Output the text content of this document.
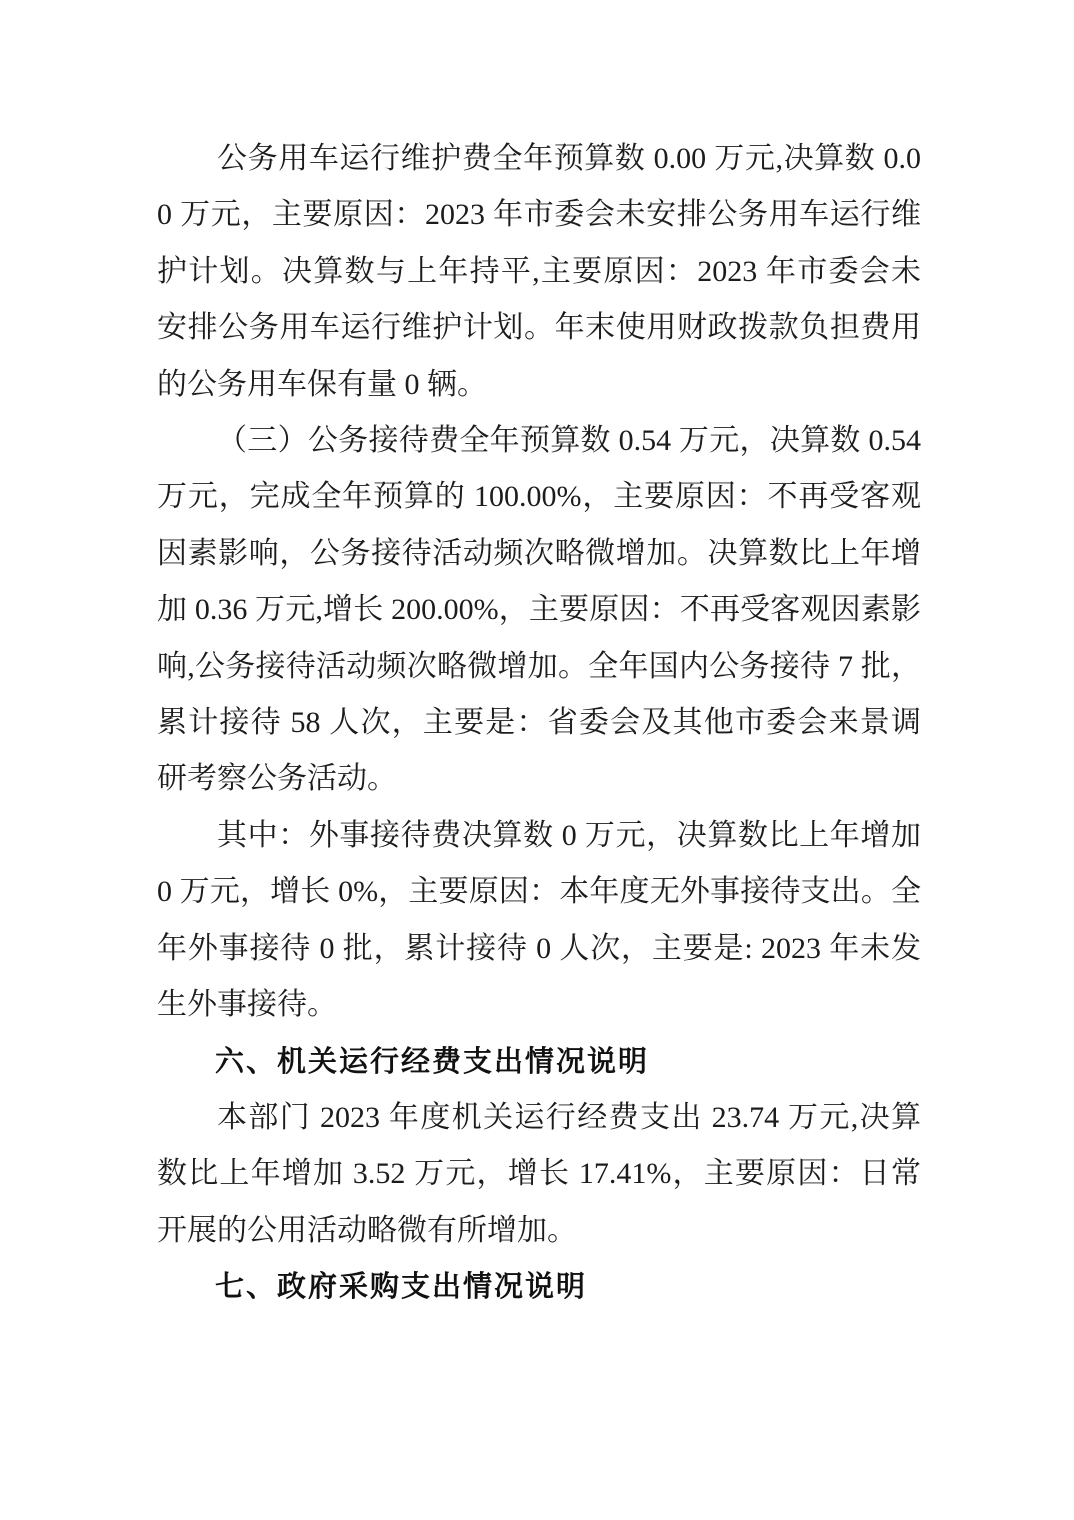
公务用车运行维护费全年预算数 0.00 万元,决算数 0.00 万元，主要原因：2023 年市委会未安排公务用车运行维护计划。决算数与上年持平,主要原因：2023 年市委会未安排公务用车运行维护计划。年末使用财政拨款负担费用的公务用车保有量 0 辆。

（三）公务接待费全年预算数 0.54 万元，决算数 0.54 万元，完成全年预算的 100.00%，主要原因：不再受客观因素影响，公务接待活动频次略微增加。决算数比上年增加 0.36 万元,增长 200.00%，主要原因：不再受客观因素影响,公务接待活动频次略微增加。全年国内公务接待 7 批，累计接待 58 人次，主要是：省委会及其他市委会来景调研考察公务活动。

其中：外事接待费决算数 0 万元，决算数比上年增加 0 万元，增长 0%，主要原因：本年度无外事接待支出。全年外事接待 0 批，累计接待 0 人次，主要是: 2023 年未发生外事接待。

六、机关运行经费支出情况说明

本部门 2023 年度机关运行经费支出 23.74 万元,决算数比上年增加 3.52 万元，增长 17.41%，主要原因：日常开展的公用活动略微有所增加。

七、政府采购支出情况说明
